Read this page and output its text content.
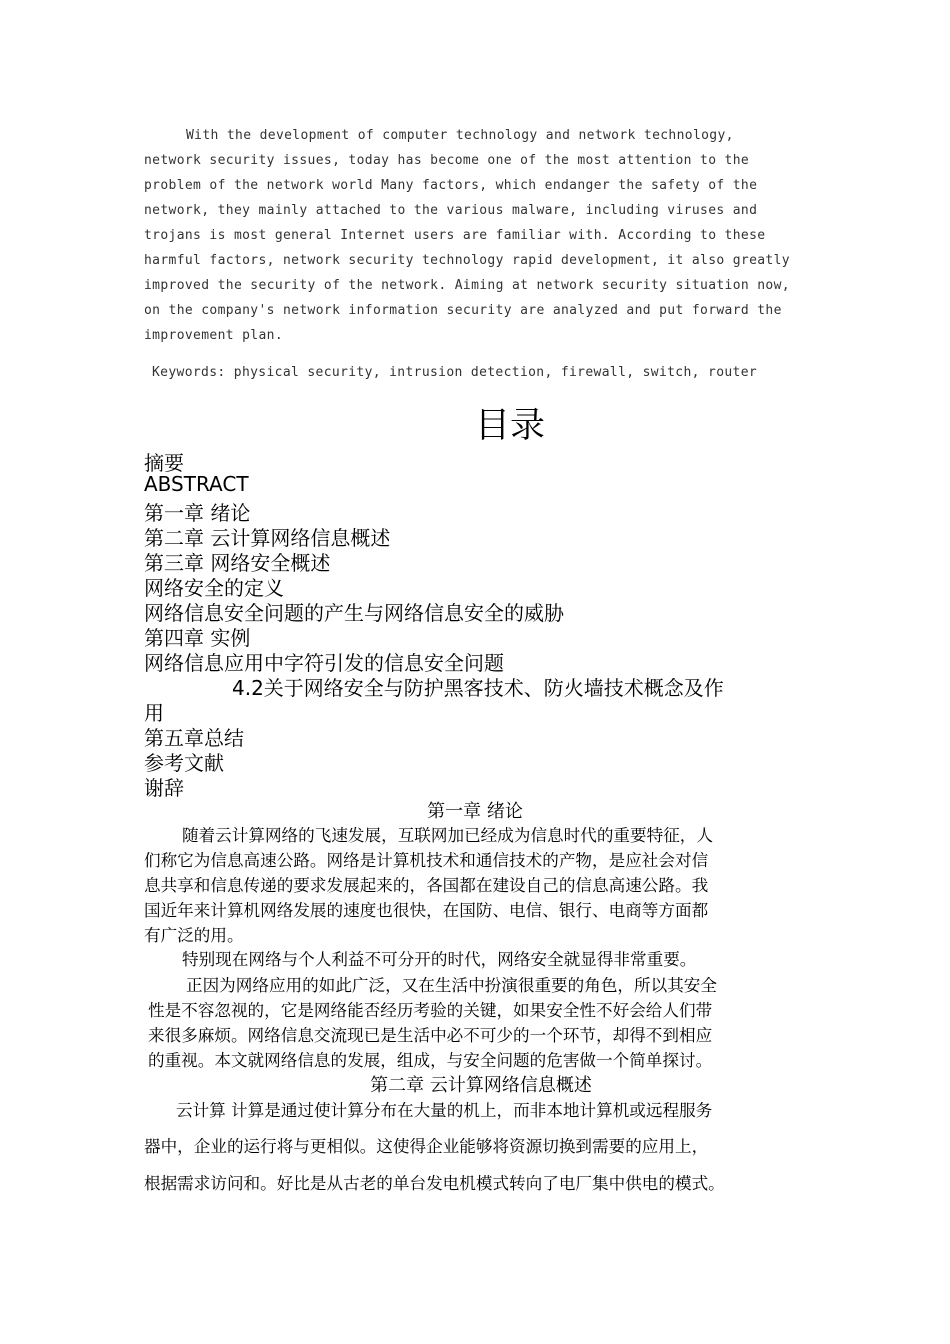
With the development of computer technology and network technology,

network security issues, today has become one of the most attention to the

problem of the network world Many factors, which endanger the safety of the

network, they mainly attached to the various malware, including viruses and

trojans is most general Internet users are familiar with. According to these

harmful factors, network security technology rapid development, it also greatly

improved the security of the network. Aiming at network security situation now,

on the company's network information security are analyzed and put forward the

improvement plan.

Keywords: physical security, intrusion detection, firewall, switch, router

目录

摘要

ABSTRACT

第一章 绪论

第二章 云计算网络信息概述

第三章 网络安全概述

网络安全的定义

网络信息安全问题的产生与网络信息安全的威胁

第四章 实例

网络信息应用中字符引发的信息安全问题

4.2关于网络安全与防护黑客技术、防火墙技术概念及作

用

第五章总结

参考文献

谢辞

第一章 绪论

随着云计算网络的飞速发展，互联网加已经成为信息时代的重要特征，人

们称它为信息高速公路。网络是计算机技术和通信技术的产物，是应社会对信

息共享和信息传递的要求发展起来的，各国都在建设自己的信息高速公路。我

国近年来计算机网络发展的速度也很快，在国防、电信、银行、电商等方面都

有广泛的用。

特别现在网络与个人利益不可分开的时代，网络安全就显得非常重要。

正因为网络应用的如此广泛，又在生活中扮演很重要的角色，所以其安全

性是不容忽视的，它是网络能否经历考验的关键，如果安全性不好会给人们带

来很多麻烦。网络信息交流现已是生活中必不可少的一个环节，却得不到相应

的重视。本文就网络信息的发展，组成，与安全问题的危害做一个简单探讨。

第二章 云计算网络信息概述

云计算 计算是通过使计算分布在大量的机上，而非本地计算机或远程服务

器中，企业的运行将与更相似。这使得企业能够将资源切换到需要的应用上，

根据需求访问和。好比是从古老的单台发电机模式转向了电厂集中供电的模式。
